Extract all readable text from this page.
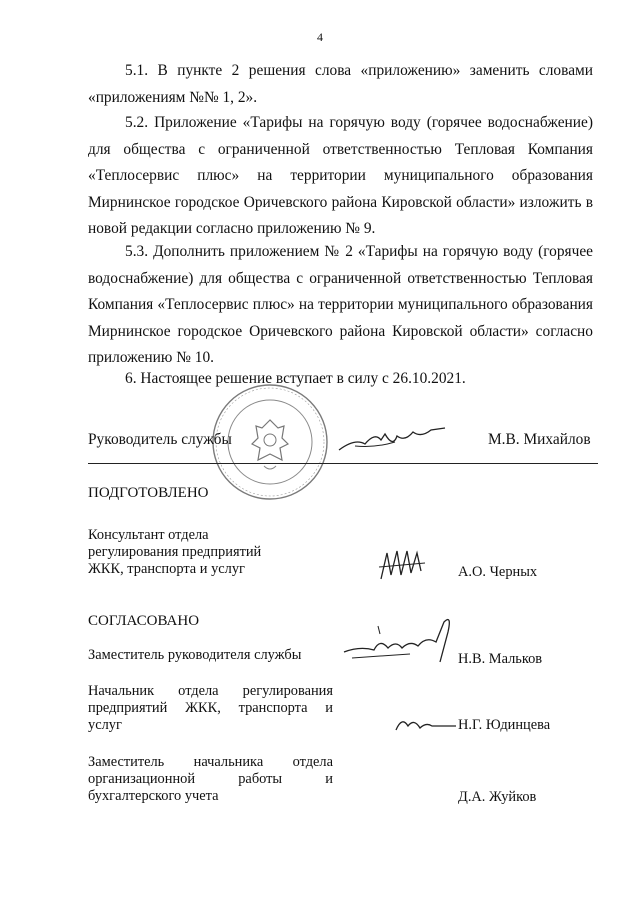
4
5.1. В пункте 2 решения слова «приложению» заменить словами «приложениям №№ 1, 2».
5.2. Приложение «Тарифы на горячую воду (горячее водоснабжение) для общества с ограниченной ответственностью Тепловая Компания «Теплосервис плюс» на территории муниципального образования Мирнинское городское Оричевского района Кировской области» изложить в новой редакции согласно приложению № 9.
5.3. Дополнить приложением № 2 «Тарифы на горячую воду (горячее водоснабжение) для общества с ограниченной ответственностью Тепловая Компания «Теплосервис плюс» на территории муниципального образования Мирнинское городское Оричевского района Кировской области» согласно приложению № 10.
6. Настоящее решение вступает в силу с 26.10.2021.
Руководитель службы	М.В. Михайлов
ПОДГОТОВЛЕНО
Консультант отдела
регулирования предприятий
ЖКК, транспорта и услуг	А.О. Черных
СОГЛАСОВАНО
Заместитель руководителя службы	Н.В. Мальков
Начальник отдела регулирования
предприятий ЖКК, транспорта и
услуг	Н.Г. Юдинцева
Заместитель начальника отдела
организационной работы и
бухгалтерского учета	Д.А. Жуйков
